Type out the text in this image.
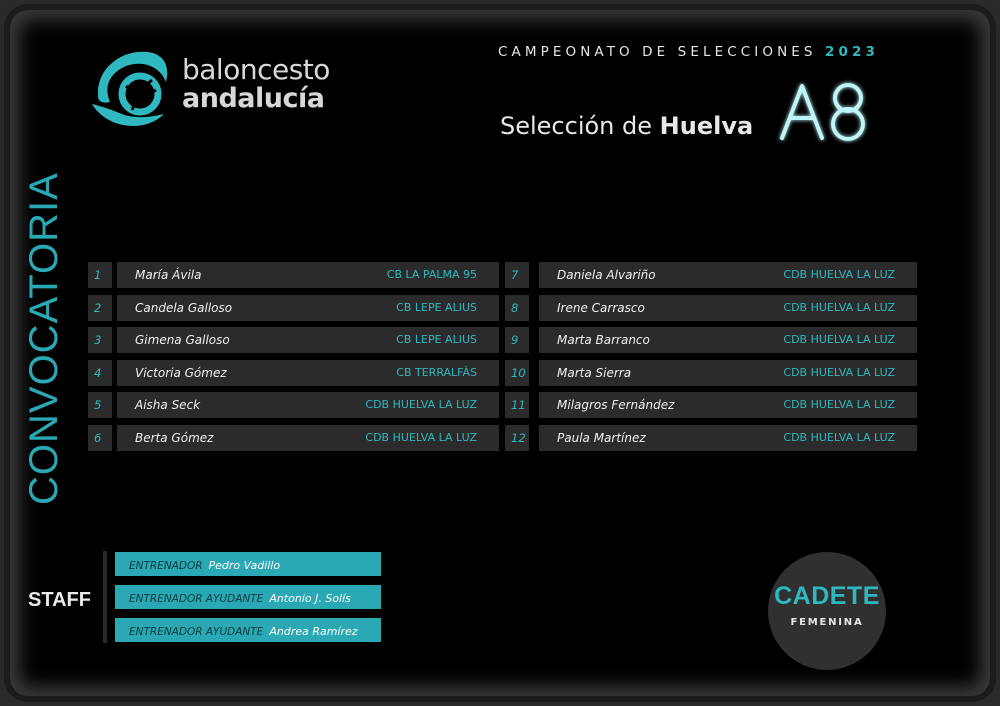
baloncesto
andalucía
CAMPEONATO DE SELECCIONES 2023
Selección de Huelva
CONVOCATORIA	1	María Ávila	CB LA PALMA 95
2	Candela Galloso	CB LEPE ALIUS
3	Gimena Galloso	CB LEPE ALIUS
4	Victoria Gómez	CB TERRALFÀS
5	Aisha Seck	CDB HUELVA LA LUZ
6	Berta Gómez	CDB HUELVA LA LUZ
7	Daniela Alvariño	CDB HUELVA LA LUZ
8	Irene Carrasco	CDB HUELVA LA LUZ
9	Marta Barranco	CDB HUELVA LA LUZ
10	Marta Sierra	CDB HUELVA LA LUZ
11	Milagros Fernández	CDB HUELVA LA LUZ
12	Paula Martínez	CDB HUELVA LA LUZ
STAFF
ENTRENADOR Pedro Vadillo
ENTRENADOR AYUDANTE Antonio J. Solís
ENTRENADOR AYUDANTE Andrea Ramírez
CADETE
FEMENINA
